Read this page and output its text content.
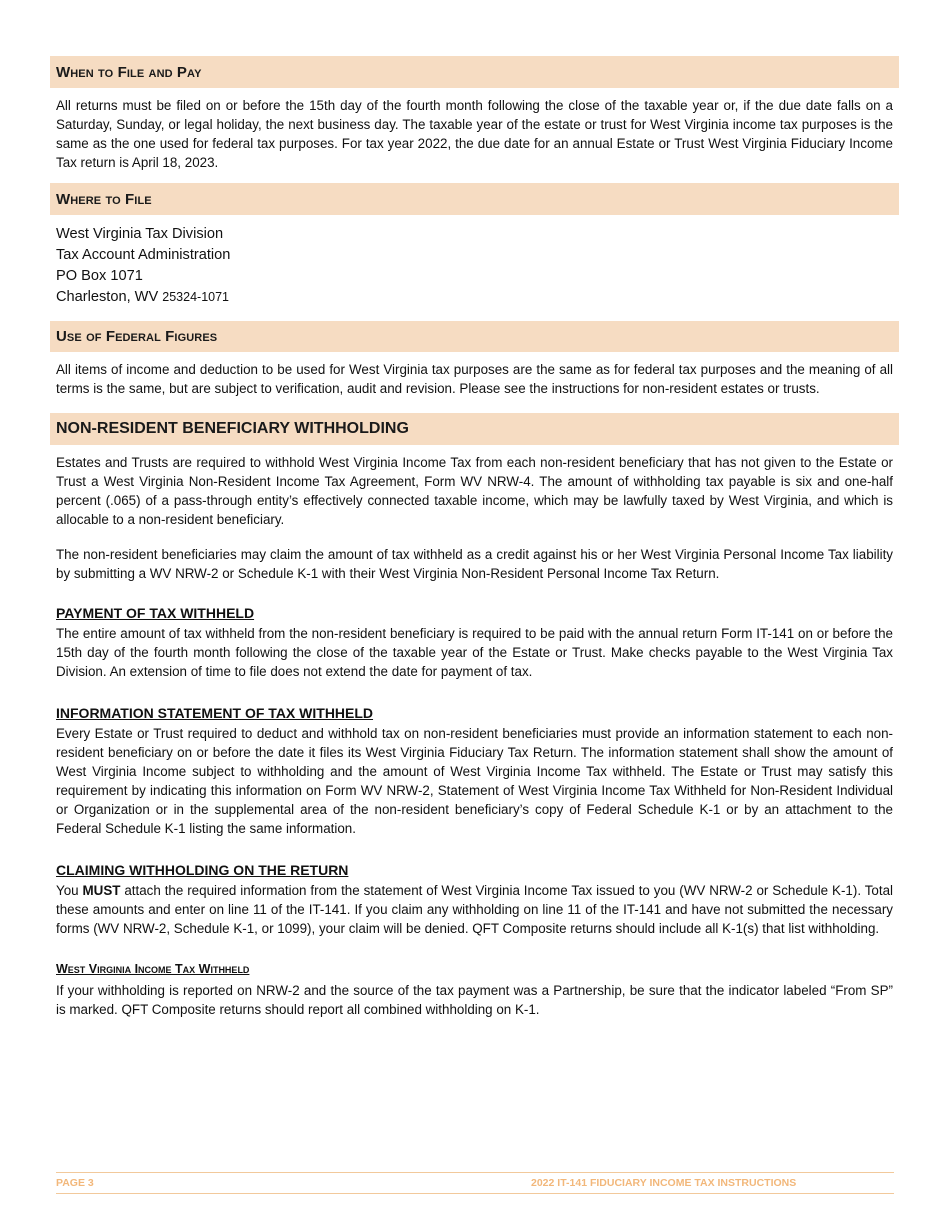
When to File and Pay

All returns must be filed on or before the 15th day of the fourth month following the close of the taxable year or, if the due date falls on a Saturday, Sunday, or legal holiday, the next business day. The taxable year of the estate or trust for West Virginia income tax purposes is the same as the one used for federal tax purposes. For tax year 2022, the due date for an annual Estate or Trust West Virginia Fiduciary Income Tax return is April 18, 2023.

Where to File
West Virginia Tax Division
Tax Account Administration
PO Box 1071
Charleston, WV 25324-1071
Use of Federal Figures

All items of income and deduction to be used for West Virginia tax purposes are the same as for federal tax purposes and the meaning of all terms is the same, but are subject to verification, audit and revision. Please see the instructions for non-resident estates or trusts.

NON-RESIDENT BENEFICIARY WITHHOLDING

Estates and Trusts are required to withhold West Virginia Income Tax from each non-resident beneficiary that has not given to the Estate or Trust a West Virginia Non-Resident Income Tax Agreement, Form WV NRW-4. The amount of withholding tax payable is six and one-half percent (.065) of a pass-through entity’s effectively connected taxable income, which may be lawfully taxed by West Virginia, and which is allocable to a non-resident beneficiary.

The non-resident beneficiaries may claim the amount of tax withheld as a credit against his or her West Virginia Personal Income Tax liability by submitting a WV NRW-2 or Schedule K-1 with their West Virginia Non-Resident Personal Income Tax Return.

PAYMENT OF TAX WITHHELD

The entire amount of tax withheld from the non-resident beneficiary is required to be paid with the annual return Form IT-141 on or before the 15th day of the fourth month following the close of the taxable year of the Estate or Trust. Make checks payable to the West Virginia Tax Division. An extension of time to file does not extend the date for payment of tax.

INFORMATION STATEMENT OF TAX WITHHELD

Every Estate or Trust required to deduct and withhold tax on non-resident beneficiaries must provide an information statement to each non-resident beneficiary on or before the date it files its West Virginia Fiduciary Tax Return. The information statement shall show the amount of West Virginia Income subject to withholding and the amount of West Virginia Income Tax withheld. The Estate or Trust may satisfy this requirement by indicating this information on Form WV NRW-2, Statement of West Virginia Income Tax Withheld for Non-Resident Individual or Organization or in the supplemental area of the non-resident beneficiary’s copy of Federal Schedule K-1 or by an attachment to the Federal Schedule K-1 listing the same information.

CLAIMING WITHHOLDING ON THE RETURN

You MUST attach the required information from the statement of West Virginia Income Tax issued to you (WV NRW-2 or Schedule K-1). Total these amounts and enter on line 11 of the IT-141. If you claim any withholding on line 11 of the IT-141 and have not submitted the necessary forms (WV NRW-2, Schedule K-1, or 1099), your claim will be denied. QFT Composite returns should include all K-1(s) that list withholding.

West Virginia Income Tax Withheld

If your withholding is reported on NRW-2 and the source of the tax payment was a Partnership, be sure that the indicator labeled “From SP” is marked. QFT Composite returns should report all combined withholding on K-1.

PAGE 3	2022 IT-141 FIDUCIARY INCOME TAX INSTRUCTIONS
